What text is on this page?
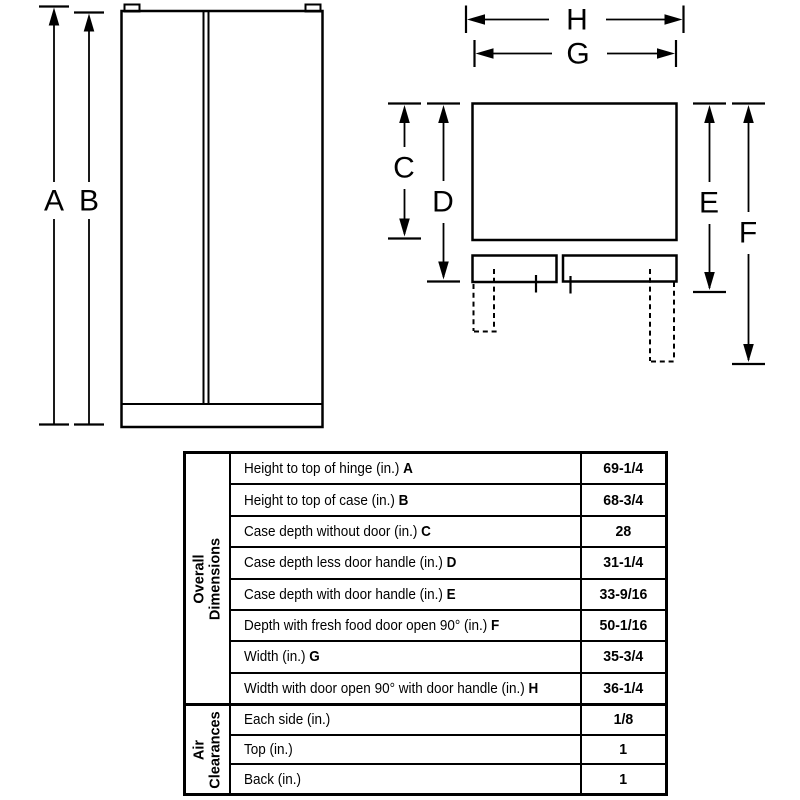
A B
H
G
C
D	E
F
Overall Dimensions
Height to top of hinge (in.) A	69-1/4
Height to top of case (in.) B	68-3/4
Case depth without door (in.) C	28
Case depth less door handle (in.) D	31-1/4
Case depth with door handle (in.) E	33-9/16
Depth with fresh food door open 90° (in.) F	50-1/16
Width (in.) G	35-3/4
Width with door open 90° with door handle (in.) H	36-1/4
Air Clearances Each side (in.)	1/8
Top (in.)	1
Back (in.)	1
